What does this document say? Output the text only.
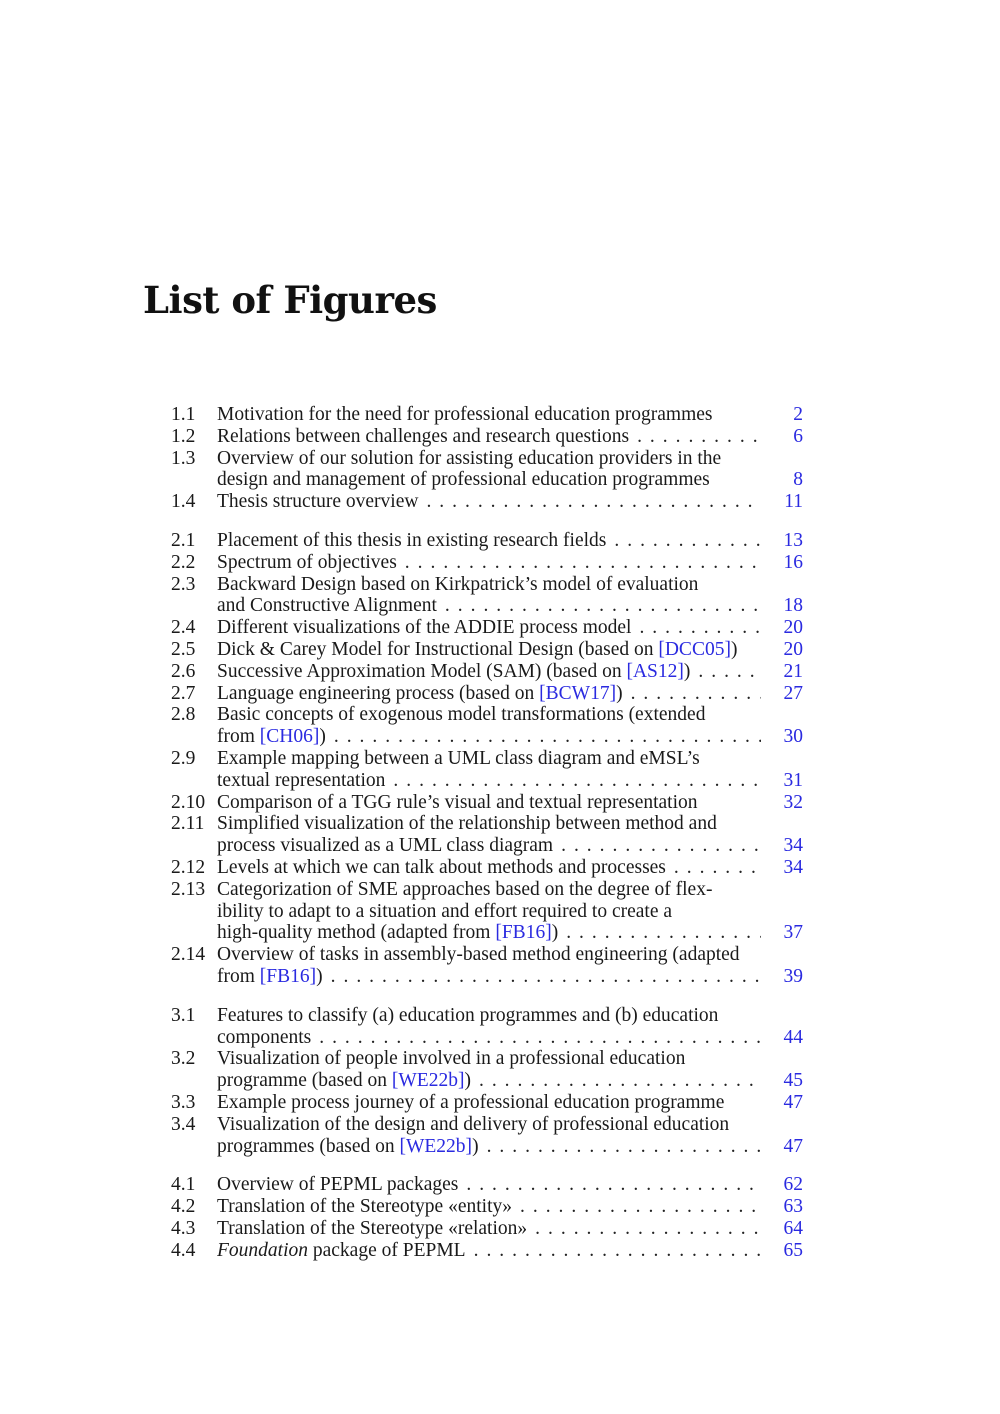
List of Figures
1.1	Motivation for the need for professional education programmes	2
1.2	Relations between challenges and research questions . . .	6
1.3	Overview of our solution for assisting education providers in the
design and management of professional education programmes	8
1.4	Thesis structure overview . . .	11
2.1	Placement of this thesis in existing research fields . . .	13
2.2	Spectrum of objectives . . .	16
2.3	Backward Design based on Kirkpatrick’s model of evaluation
and Constructive Alignment . . .	18
2.4	Different visualizations of the ADDIE process model . . .	20
2.5	Dick & Carey Model for Instructional Design (based on [DCC05])	20
2.6	Successive Approximation Model (SAM) (based on [AS12]) . . .	21
2.7	Language engineering process (based on [BCW17]) . . .	27
2.8	Basic concepts of exogenous model transformations (extended
from [CH06]) . . .	30
2.9	Example mapping between a UML class diagram and eMSL’s
textual representation . . .	31
2.10 Comparison of a TGG rule’s visual and textual representation	32
2.11 Simplified visualization of the relationship between method and
process visualized as a UML class diagram . . .	34
2.12 Levels at which we can talk about methods and processes . . .	34
2.13 Categorization of SME approaches based on the degree of flex-
ibility to adapt to a situation and effort required to create a
high-quality method (adapted from [FB16]) . . .	37
2.14 Overview of tasks in assembly-based method engineering (adapted
from [FB16]) . . .	39
3.1	Features to classify (a) education programmes and (b) education
components . . .	44
3.2	Visualization of people involved in a professional education
programme (based on [WE22b]) . . .	45
3.3	Example process journey of a professional education programme	47
3.4	Visualization of the design and delivery of professional education
programmes (based on [WE22b]) . . .	47
4.1	Overview of PEPML packages . . .	62
4.2	Translation of the Stereotype «entity» . . .	63
4.3	Translation of the Stereotype «relation» . . .	64
4.4	Foundation package of PEPML . . .	65
